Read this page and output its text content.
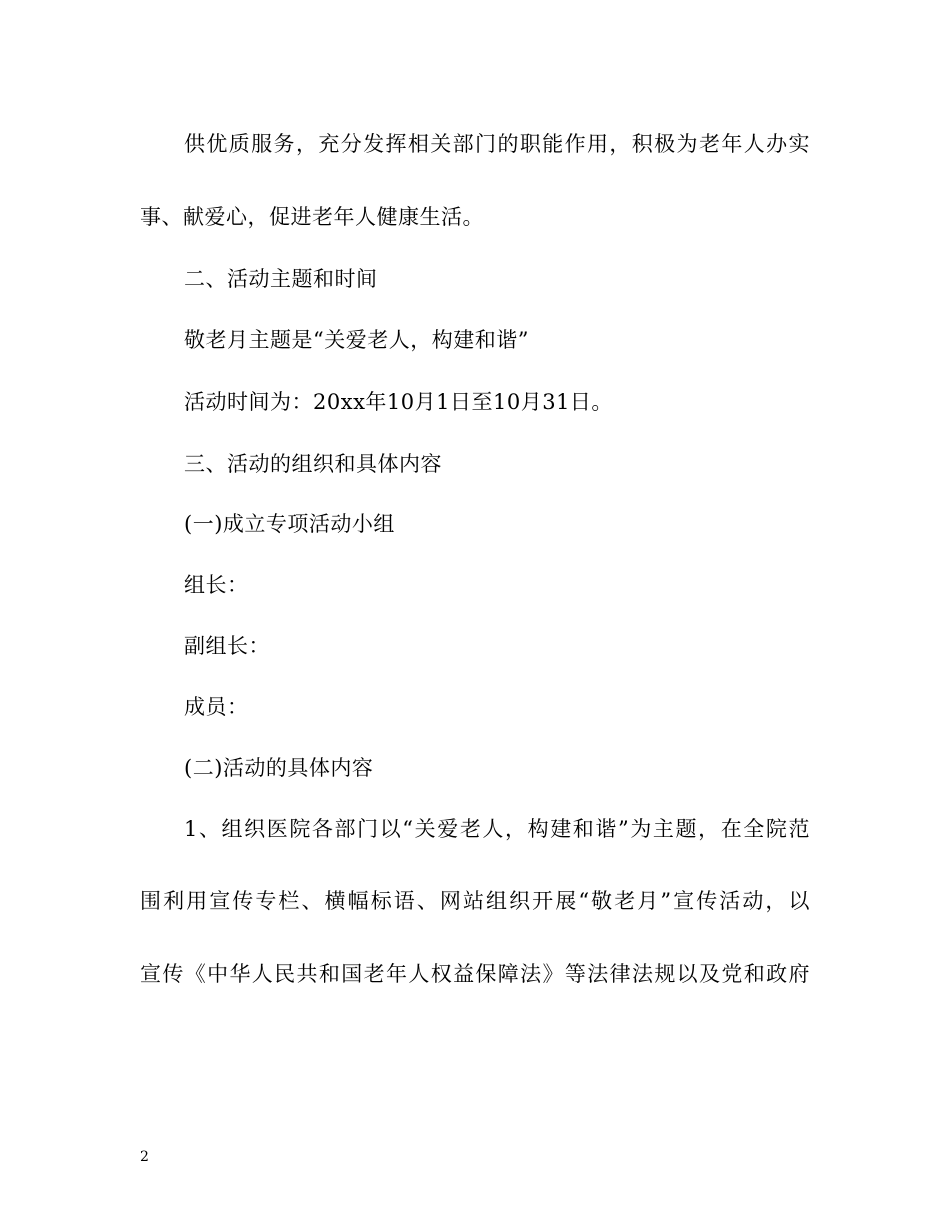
供优质服务，充分发挥相关部门的职能作用，积极为老年人办实
事、献爱心，促进老年人健康生活。
二、活动主题和时间
敬老月主题是“关爱老人，构建和谐”
活动时间为：20xx年10月1日至10月31日。
三、活动的组织和具体内容
(一)成立专项活动小组
组长：
副组长：
成员：
(二)活动的具体内容
1、组织医院各部门以“关爱老人，构建和谐”为主题，在全院范
围利用宣传专栏、横幅标语、网站组织开展“敬老月”宣传活动，以
宣传《中华人民共和国老年人权益保障法》等法律法规以及党和政府
2
